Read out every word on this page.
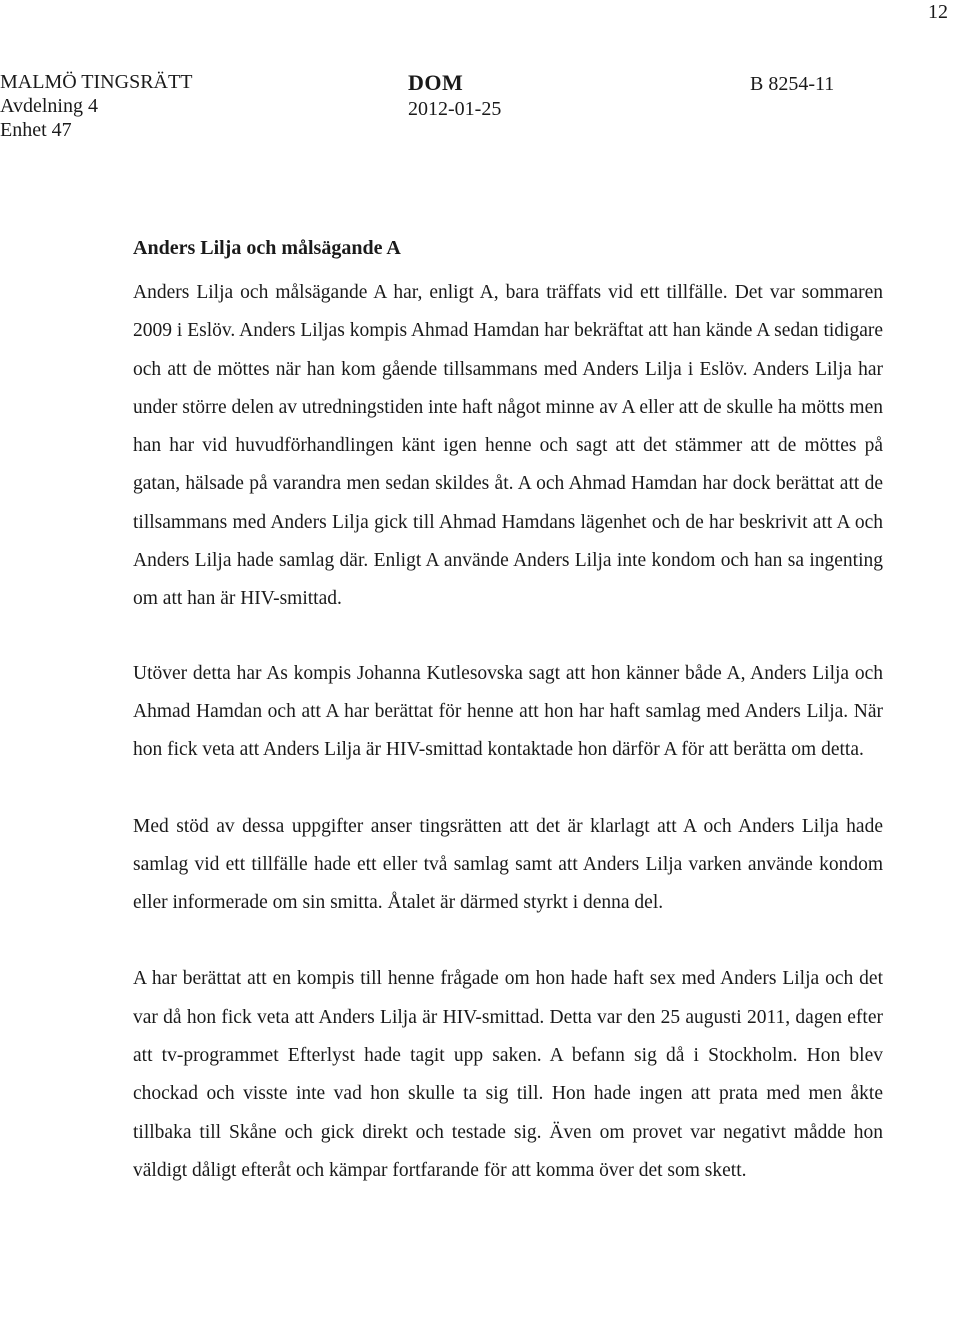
12
MALMÖ TINGSRÄTT
Avdelning 4
Enhet 47
DOM
2012-01-25
B 8254-11
Anders Lilja och målsägande A

Anders Lilja och målsägande A har, enligt A, bara träffats vid ett tillfälle. Det var sommaren 2009 i Eslöv. Anders Liljas kompis Ahmad Hamdan har bekräftat att han kände A sedan tidigare och att de möttes när han kom gående tillsammans med Anders Lilja i Eslöv. Anders Lilja har under större delen av utredningstiden inte haft något minne av A eller att de skulle ha mötts men han har vid huvudförhandlingen känt igen henne och sagt att det stämmer att de möttes på gatan, hälsade på varandra men sedan skildes åt. A och Ahmad Hamdan har dock berättat att de tillsammans med Anders Lilja gick till Ahmad Hamdans lägenhet och de har beskrivit att A och Anders Lilja hade samlag där. Enligt A använde Anders Lilja inte kondom och han sa ingenting om att han är HIV-smittad.

Utöver detta har As kompis Johanna Kutlesovska sagt att hon känner både A, Anders Lilja och Ahmad Hamdan och att A har berättat för henne att hon har haft samlag med Anders Lilja. När hon fick veta att Anders Lilja är HIV-smittad kontaktade hon därför A för att berätta om detta.

Med stöd av dessa uppgifter anser tingsrätten att det är klarlagt att A och Anders Lilja hade samlag vid ett tillfälle hade ett eller två samlag samt att Anders Lilja varken använde kondom eller informerade om sin smitta. Åtalet är därmed styrkt i denna del.

A har berättat att en kompis till henne frågade om hon hade haft sex med Anders Lilja och det var då hon fick veta att Anders Lilja är HIV-smittad. Detta var den 25 augusti 2011, dagen efter att tv-programmet Efterlyst hade tagit upp saken. A befann sig då i Stockholm. Hon blev chockad och visste inte vad hon skulle ta sig till. Hon hade ingen att prata med men åkte tillbaka till Skåne och gick direkt och testade sig. Även om provet var negativt mådde hon väldigt dåligt efteråt och kämpar fortfarande för att komma över det som skett.
